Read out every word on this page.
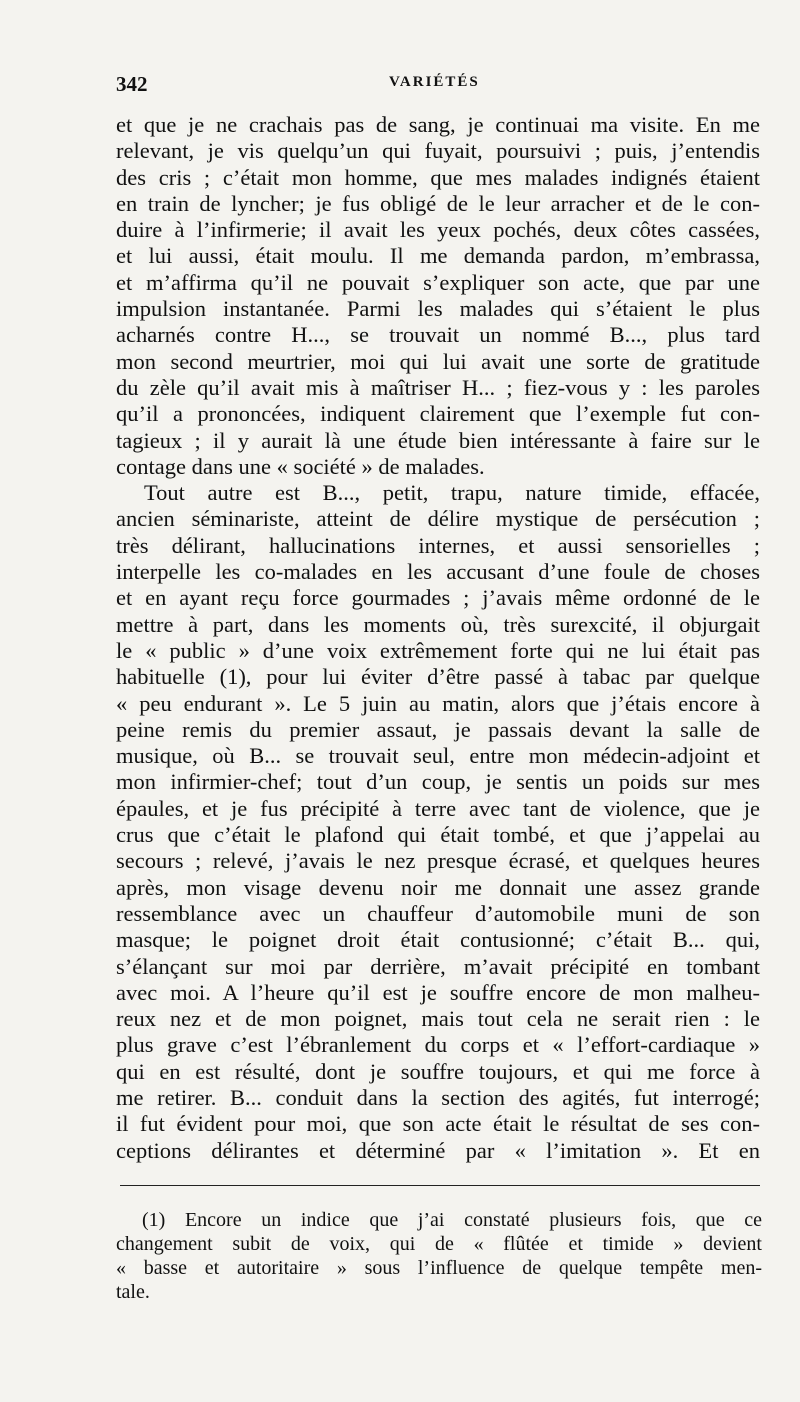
342	VARIÉTÉS
et que je ne crachais pas de sang, je continuai ma visite. En me
relevant, je vis quelqu’un qui fuyait, poursuivi ; puis, j’entendis
des cris ; c’était mon homme, que mes malades indignés étaient
en train de lyncher; je fus obligé de le leur arracher et de le con-
duire à l’infirmerie; il avait les yeux pochés, deux côtes cassées,
et lui aussi, était moulu. Il me demanda pardon, m’embrassa,
et m’affirma qu’il ne pouvait s’expliquer son acte, que par une
impulsion instantanée. Parmi les malades qui s’étaient le plus
acharnés contre H..., se trouvait un nommé B..., plus tard
mon second meurtrier, moi qui lui avait une sorte de gratitude
du zèle qu’il avait mis à maîtriser H... ; fiez-vous y : les paroles
qu’il a prononcées, indiquent clairement que l’exemple fut con-
tagieux ; il y aurait là une étude bien intéressante à faire sur le
contage dans une « société » de malades.
Tout autre est B..., petit, trapu, nature timide, effacée,
ancien séminariste, atteint de délire mystique de persécution ;
très délirant, hallucinations internes, et aussi sensorielles ;
interpelle les co-malades en les accusant d’une foule de choses
et en ayant reçu force gourmades ; j’avais même ordonné de le
mettre à part, dans les moments où, très surexcité, il objurgait
le « public » d’une voix extrêmement forte qui ne lui était pas
habituelle (1), pour lui éviter d’être passé à tabac par quelque
« peu endurant ». Le 5 juin au matin, alors que j’étais encore à
peine remis du premier assaut, je passais devant la salle de
musique, où B... se trouvait seul, entre mon médecin-adjoint et
mon infirmier-chef; tout d’un coup, je sentis un poids sur mes
épaules, et je fus précipité à terre avec tant de violence, que je
crus que c’était le plafond qui était tombé, et que j’appelai au
secours ; relevé, j’avais le nez presque écrasé, et quelques heures
après, mon visage devenu noir me donnait une assez grande
ressemblance avec un chauffeur d’automobile muni de son
masque; le poignet droit était contusionné; c’était B... qui,
s’élançant sur moi par derrière, m’avait précipité en tombant
avec moi. A l’heure qu’il est je souffre encore de mon malheu-
reux nez et de mon poignet, mais tout cela ne serait rien : le
plus grave c’est l’ébranlement du corps et « l’effort-cardiaque »
qui en est résulté, dont je souffre toujours, et qui me force à
me retirer. B... conduit dans la section des agités, fut interrogé;
il fut évident pour moi, que son acte était le résultat de ses con-
ceptions délirantes et déterminé par « l’imitation ». Et en
(1) Encore un indice que j’ai constaté plusieurs fois, que ce
changement subit de voix, qui de « flûtée et timide » devient
« basse et autoritaire » sous l’influence de quelque tempête men-
tale.
